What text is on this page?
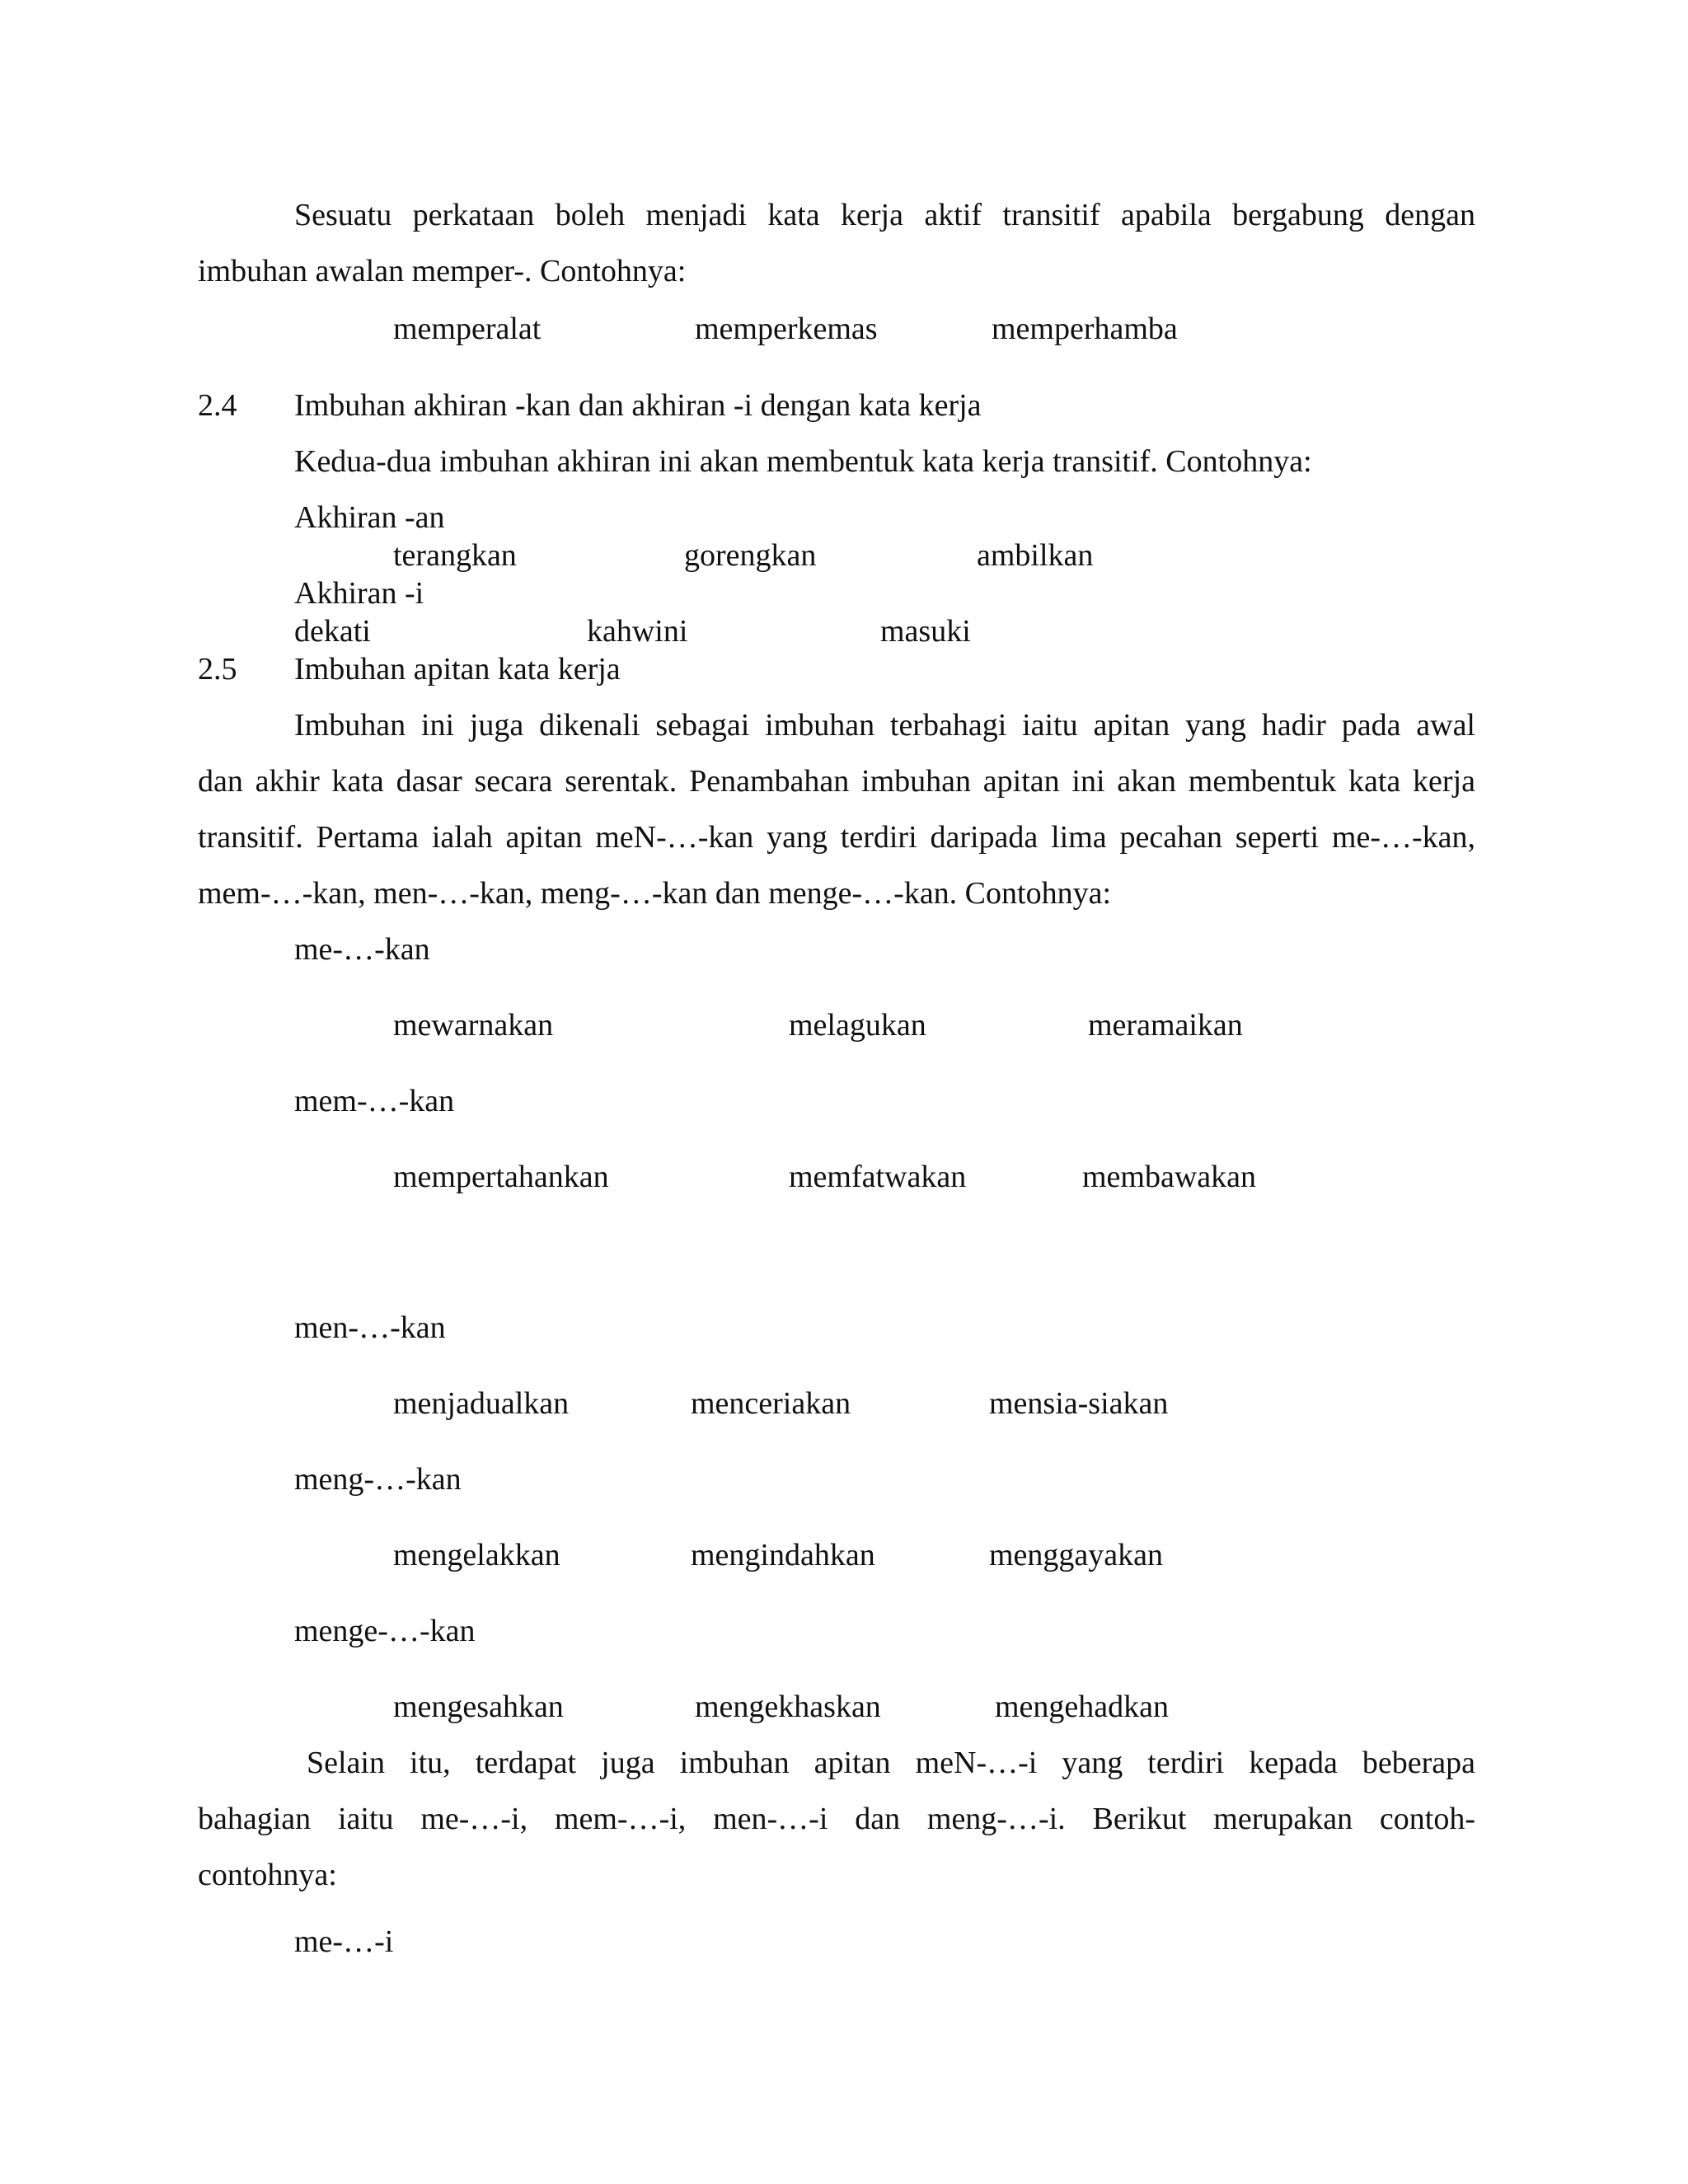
Sesuatu perkataan boleh menjadi kata kerja aktif transitif apabila bergabung dengan
imbuhan awalan memper-. Contohnya:
memperalat	memperkemas	memperhamba
2.4 Imbuhan akhiran -kan dan akhiran -i dengan kata kerja
Kedua-dua imbuhan akhiran ini akan membentuk kata kerja transitif. Contohnya:
Akhiran -an
terangkan	gorengkan	ambilkan
Akhiran -i
dekati	kahwini	masuki
2.5 Imbuhan apitan kata kerja
Imbuhan ini juga dikenali sebagai imbuhan terbahagi iaitu apitan yang hadir pada awal
dan akhir kata dasar secara serentak. Penambahan imbuhan apitan ini akan membentuk kata kerja
transitif. Pertama ialah apitan meN-…-kan yang terdiri daripada lima pecahan seperti me-…-kan,
mem-…-kan, men-…-kan, meng-…-kan dan menge-…-kan. Contohnya:
me-…-kan
mewarnakan	melagukan	meramaikan
mem-…-kan
mempertahankan	memfatwakan	membawakan
men-…-kan
menjadualkan	menceriakan	mensia-siakan
meng-…-kan
mengelakkan	mengindahkan	menggayakan
menge-…-kan
mengesahkan	mengekhaskan	mengehadkan
Selain itu, terdapat juga imbuhan apitan meN-…-i yang terdiri kepada beberapa
bahagian iaitu me-…-i, mem-…-i, men-…-i dan meng-…-i. Berikut merupakan contoh-
contohnya:
me-…-i
